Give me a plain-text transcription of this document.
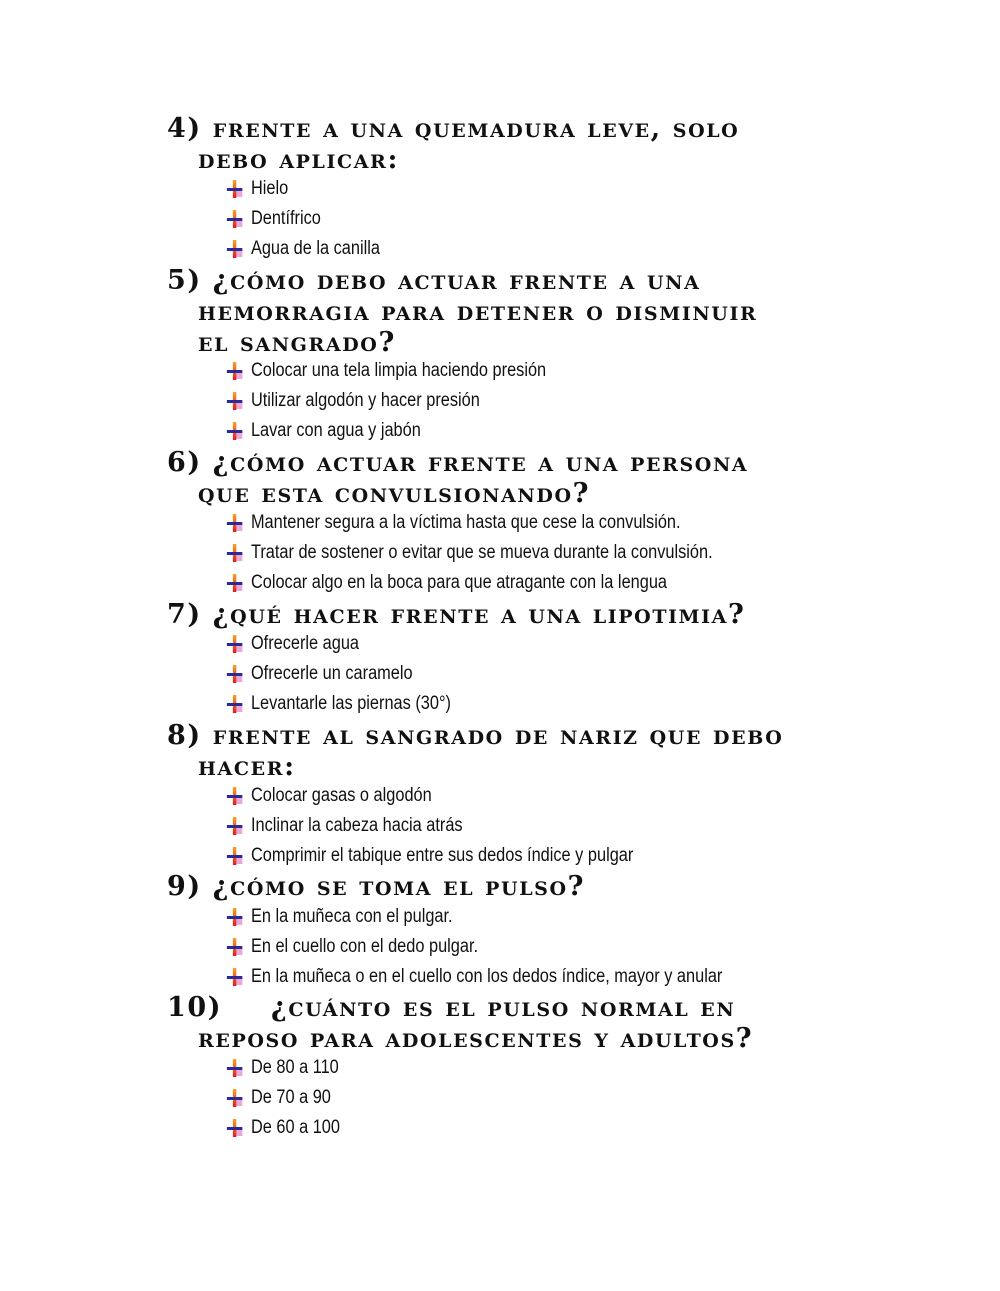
4) frente a una quemadura leve, solo
debo aplicar:
Hielo
Dentífrico
Agua de la canilla
5) ¿cómo debo actuar frente a una
hemorragia para detener o disminuir
el sangrado?
Colocar una tela limpia haciendo presión
Utilizar algodón y hacer presión
Lavar con agua y jabón
6) ¿cómo actuar frente a una persona
que esta convulsionando?
Mantener segura a la víctima hasta que cese la convulsión.
Tratar de sostener o evitar que se mueva durante la convulsión.
Colocar algo en la boca para que atragante con la lengua
7) ¿qué hacer frente a una lipotimia?
Ofrecerle agua
Ofrecerle un caramelo
Levantarle las piernas (30°)
8) frente al sangrado de nariz que debo
hacer:
Colocar gasas o algodón
Inclinar la cabeza hacia atrás
Comprimir el tabique entre sus dedos índice y pulgar
9) ¿cómo se toma el pulso?
En la muñeca con el pulgar.
En el cuello con el dedo pulgar.
En la muñeca o en el cuello con los dedos índice, mayor y anular
10) ¿cuánto es el pulso normal en
reposo para adolescentes y adultos?
De 80 a 110
De 70 a 90
De 60 a 100
